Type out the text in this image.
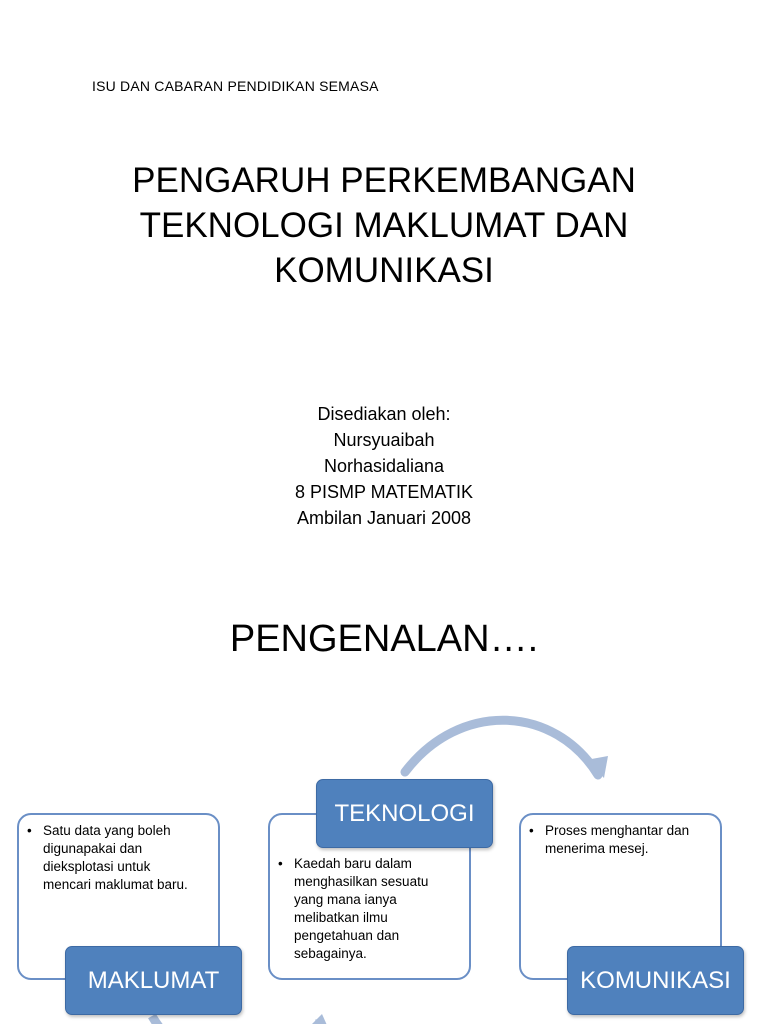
ISU DAN CABARAN PENDIDIKAN SEMASA
PENGARUH PERKEMBANGAN
TEKNOLOGI MAKLUMAT DAN
KOMUNIKASI
Disediakan oleh:
Nursyuaibah
Norhasidaliana
8 PISMP MATEMATIK
Ambilan Januari 2008
PENGENALAN….
• Satu data yang boleh
digunapakai dan
dieksplotasi untuk
mencari maklumat baru.
MAKLUMAT
• Kaedah baru dalam
menghasilkan sesuatu
yang mana ianya
melibatkan ilmu
pengetahuan dan
sebagainya.
TEKNOLOGI
• Proses menghantar dan
menerima mesej.
KOMUNIKASI
